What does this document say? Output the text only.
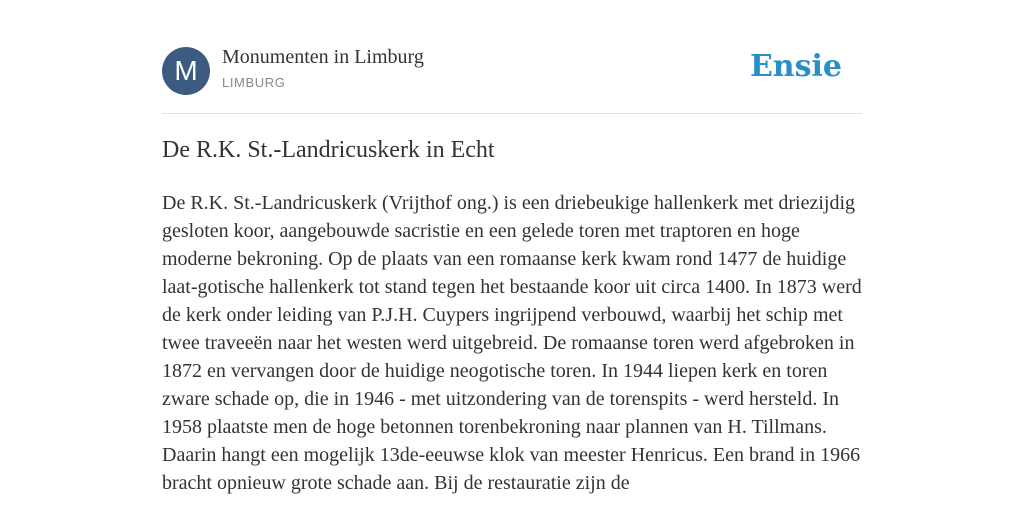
M	Monumenten in Limburg
LIMBURG	Ensie
De R.K. St.-Landricuskerk in Echt

De R.K. St.-Landricuskerk (Vrijthof ong.) is een driebeukige hallenkerk met driezijdig gesloten koor, aangebouwde sacristie en een gelede toren met traptoren en hoge moderne bekroning. Op de plaats van een romaanse kerk kwam rond 1477 de huidige laat-gotische hallenkerk tot stand tegen het bestaande koor uit circa 1400. In 1873 werd de kerk onder leiding van P.J.H. Cuypers ingrijpend verbouwd, waarbij het schip met twee traveeën naar het westen werd uitgebreid. De romaanse toren werd afgebroken in 1872 en vervangen door de huidige neogotische toren. In 1944 liepen kerk en toren zware schade op, die in 1946 - met uitzondering van de torenspits - werd hersteld. In 1958 plaatste men de hoge betonnen torenbekroning naar plannen van H. Tillmans. Daarin hangt een mogelijk 13de-eeuwse klok van meester Henricus. Een brand in 1966 bracht opnieuw grote schade aan. Bij de restauratie zijn de
